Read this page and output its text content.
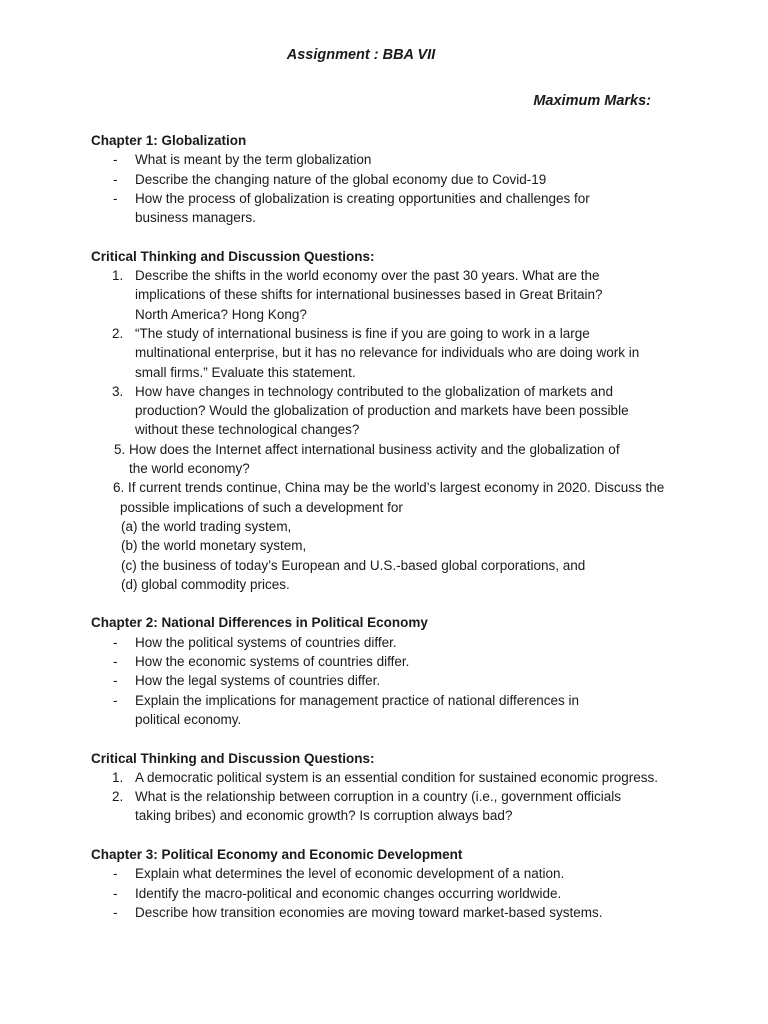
Assignment : BBA VII
Maximum Marks:

Chapter 1: Globalization

- What is meant by the term globalization
- Describe the changing nature of the global economy due to Covid-19
- How the process of globalization is creating opportunities and challenges for business managers.

Critical Thinking and Discussion Questions:

1. Describe the shifts in the world economy over the past 30 years. What are the implications of these shifts for international businesses based in Great Britain? North America? Hong Kong?
2. “The study of international business is fine if you are going to work in a large multinational enterprise, but it has no relevance for individuals who are doing work in small firms.” Evaluate this statement.
3. How have changes in technology contributed to the globalization of markets and production? Would the globalization of production and markets have been possible without these technological changes?
5. How does the Internet affect international business activity and the globalization of the world economy?
6. If current trends continue, China may be the world’s largest economy in 2020. Discuss the possible implications of such a development for
(a) the world trading system,
(b) the world monetary system,
(c) the business of today’s European and U.S.-based global corporations, and
(d) global commodity prices.

Chapter 2: National Differences in Political Economy

- How the political systems of countries differ.
- How the economic systems of countries differ.
- How the legal systems of countries differ.
- Explain the implications for management practice of national differences in political economy.

Critical Thinking and Discussion Questions:

1. A democratic political system is an essential condition for sustained economic progress.
2. What is the relationship between corruption in a country (i.e., government officials taking bribes) and economic growth? Is corruption always bad?

Chapter 3: Political Economy and Economic Development

- Explain what determines the level of economic development of a nation.
- Identify the macro-political and economic changes occurring worldwide.
- Describe how transition economies are moving toward market-based systems.
